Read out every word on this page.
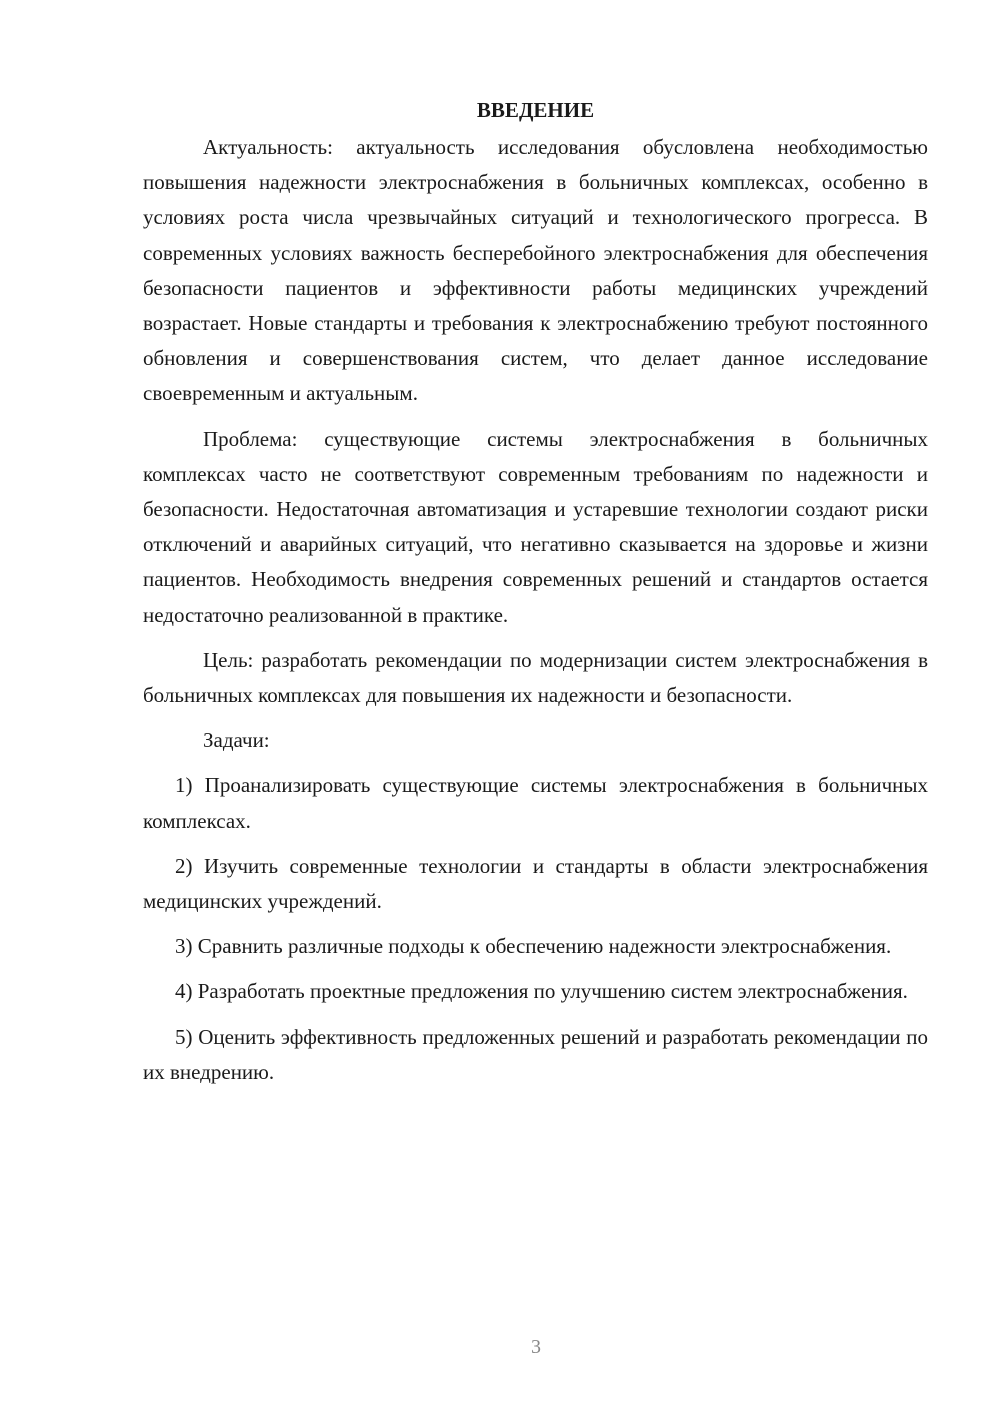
ВВЕДЕНИЕ

Актуальность: актуальность исследования обусловлена необходимостью повышения надежности электроснабжения в больничных комплексах, особенно в условиях роста числа чрезвычайных ситуаций и технологического прогресса. В современных условиях важность бесперебойного электроснабжения для обеспечения безопасности пациентов и эффективности работы медицинских учреждений возрастает. Новые стандарты и требования к электроснабжению требуют постоянного обновления и совершенствования систем, что делает данное исследование своевременным и актуальным.

Проблема: существующие системы электроснабжения в больничных комплексах часто не соответствуют современным требованиям по надежности и безопасности. Недостаточная автоматизация и устаревшие технологии создают риски отключений и аварийных ситуаций, что негативно сказывается на здоровье и жизни пациентов. Необходимость внедрения современных решений и стандартов остается недостаточно реализованной в практике.

Цель: разработать рекомендации по модернизации систем электроснабжения в больничных комплексах для повышения их надежности и безопасности.

Задачи:

1) Проанализировать существующие системы электроснабжения в больничных комплексах.

2) Изучить современные технологии и стандарты в области электроснабжения медицинских учреждений.

3) Сравнить различные подходы к обеспечению надежности электроснабжения.

4) Разработать проектные предложения по улучшению систем электроснабжения.

5) Оценить эффективность предложенных решений и разработать рекомендации по их внедрению.

3
